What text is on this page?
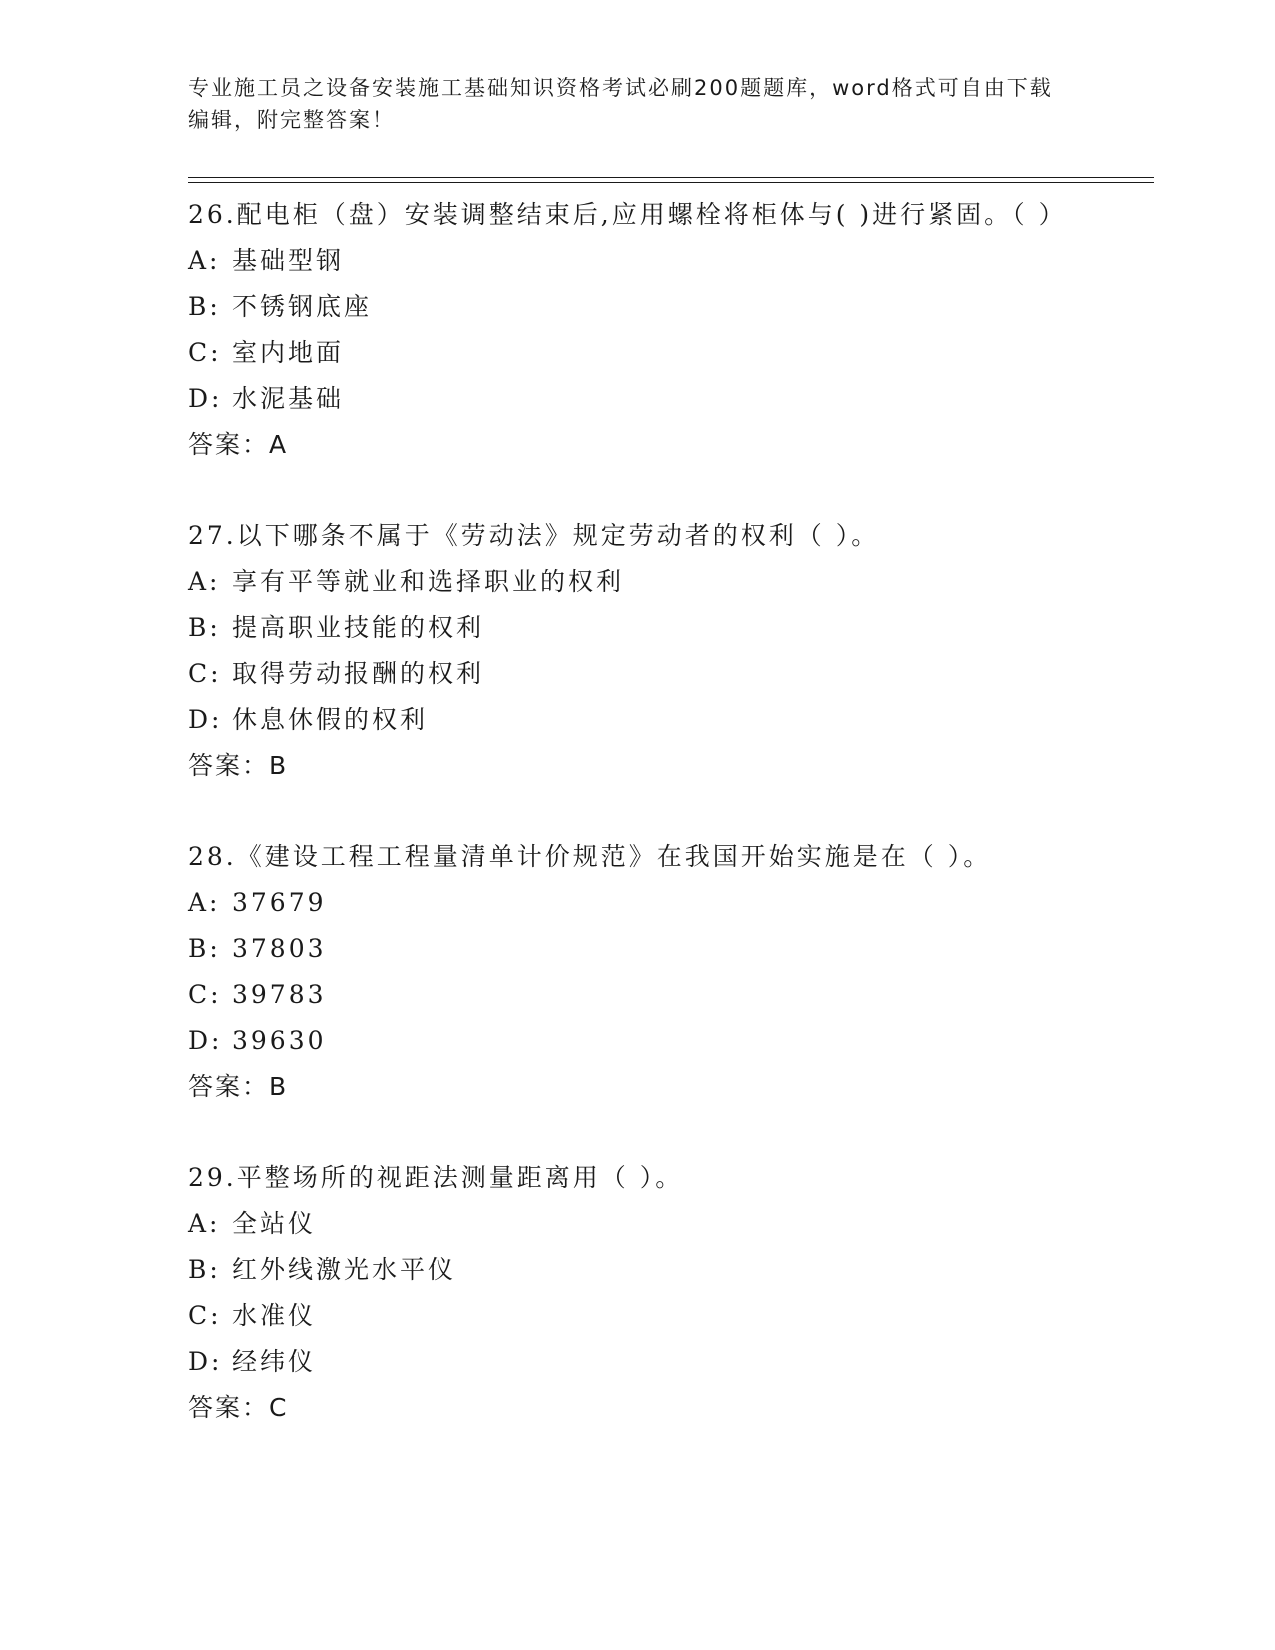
专业施工员之设备安装施工基础知识资格考试必刷200题题库，word格式可自由下载编辑，附完整答案！
26. 配电柜（盘）安装调整结束后,应用螺栓将柜体与( )进行紧固。（ ）
A: 基础型钢
B: 不锈钢底座
C: 室内地面
D: 水泥基础
答案：A
27. 以下哪条不属于《劳动法》规定劳动者的权利（ ）。
A: 享有平等就业和选择职业的权利
B: 提高职业技能的权利
C: 取得劳动报酬的权利
D: 休息休假的权利
答案：B
28. 《建设工程工程量清单计价规范》在我国开始实施是在（ ）。
A: 37679
B: 37803
C: 39783
D: 39630
答案：B
29. 平整场所的视距法测量距离用（ ）。
A: 全站仪
B: 红外线激光水平仪
C: 水准仪
D: 经纬仪
答案：C
